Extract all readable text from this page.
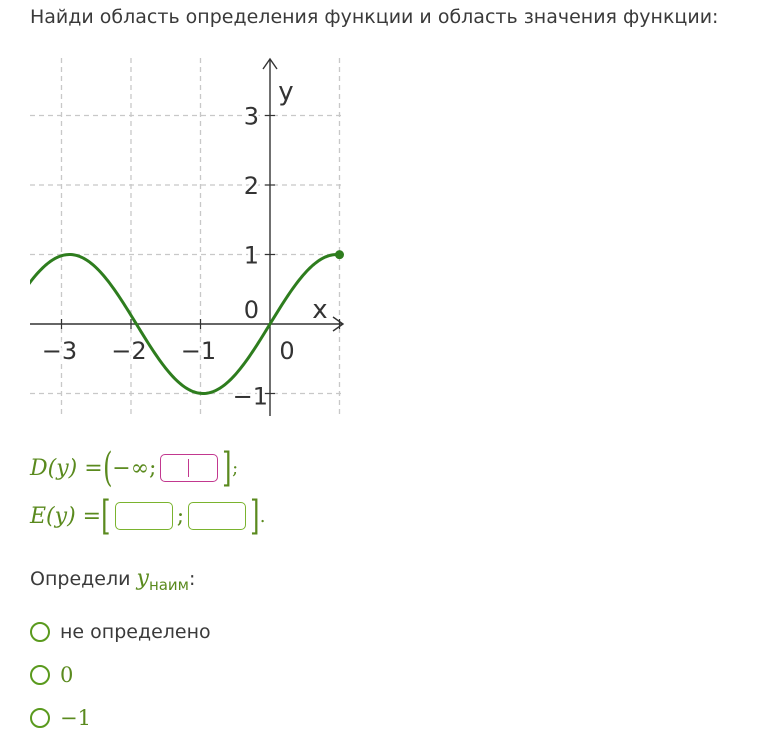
Найди область определения функции и область значения функции:
−3 −2 −1	0
3
2
1
0
−1
x
y
D(y) = ( −∞; ] ;
E(y) = [	; ] .
Определи $y_{наим}$:
не определено
0
−1
